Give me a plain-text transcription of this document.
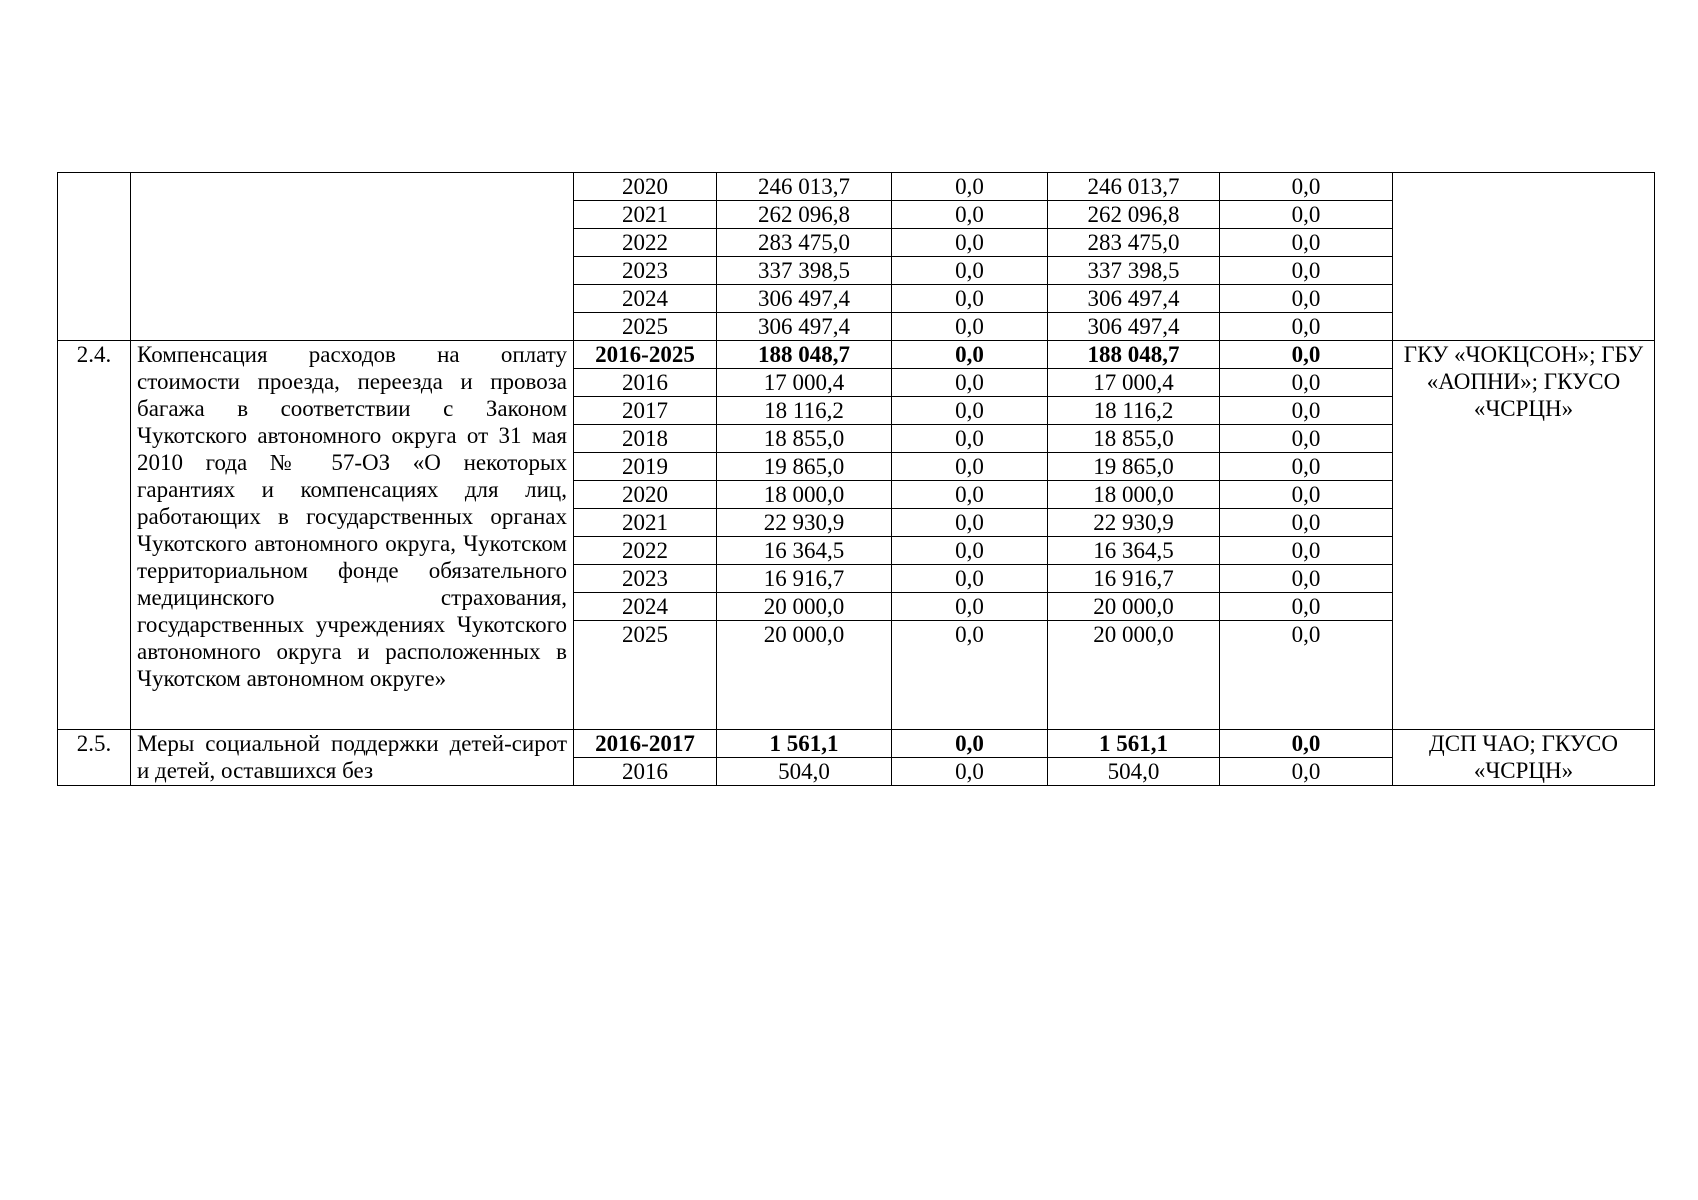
		2020	246 013,7	0,0	246 013,7	0,0	
		2021	262 096,8	0,0	262 096,8	0,0	
		2022	283 475,0	0,0	283 475,0	0,0	
		2023	337 398,5	0,0	337 398,5	0,0	
		2024	306 497,4	0,0	306 497,4	0,0	
		2025	306 497,4	0,0	306 497,4	0,0	
2.4.	Компенсация расходов на оплату стоимости проезда, переезда и провоза багажа в соответствии с Законом Чукотского автономного округа от 31 мая 2010 года № 57-ОЗ «О некоторых гарантиях и компенсациях для лиц, работающих в государственных органах Чукотского автономного округа, Чукотском территориальном фонде обязательного медицинского страхования, государственных учреждениях Чукотского автономного округа и расположенных в Чукотском автономном округе»	2016-2025	188 048,7	0,0	188 048,7	0,0	ГКУ «ЧОКЦСОН»; ГБУ «АОПНИ»; ГКУСО «ЧСРЦН»
		2016	17 000,4	0,0	17 000,4	0,0	
		2017	18 116,2	0,0	18 116,2	0,0	
		2018	18 855,0	0,0	18 855,0	0,0	
		2019	19 865,0	0,0	19 865,0	0,0	
		2020	18 000,0	0,0	18 000,0	0,0	
		2021	22 930,9	0,0	22 930,9	0,0	
		2022	16 364,5	0,0	16 364,5	0,0	
		2023	16 916,7	0,0	16 916,7	0,0	
		2024	20 000,0	0,0	20 000,0	0,0	
		2025	20 000,0	0,0	20 000,0	0,0	
2.5.	Меры социальной поддержки детей-сирот и детей, оставшихся без	2016-2017	1 561,1	0,0	1 561,1	0,0	ДСП ЧАО; ГКУСО «ЧСРЦН»
		2016	504,0	0,0	504,0	0,0	
